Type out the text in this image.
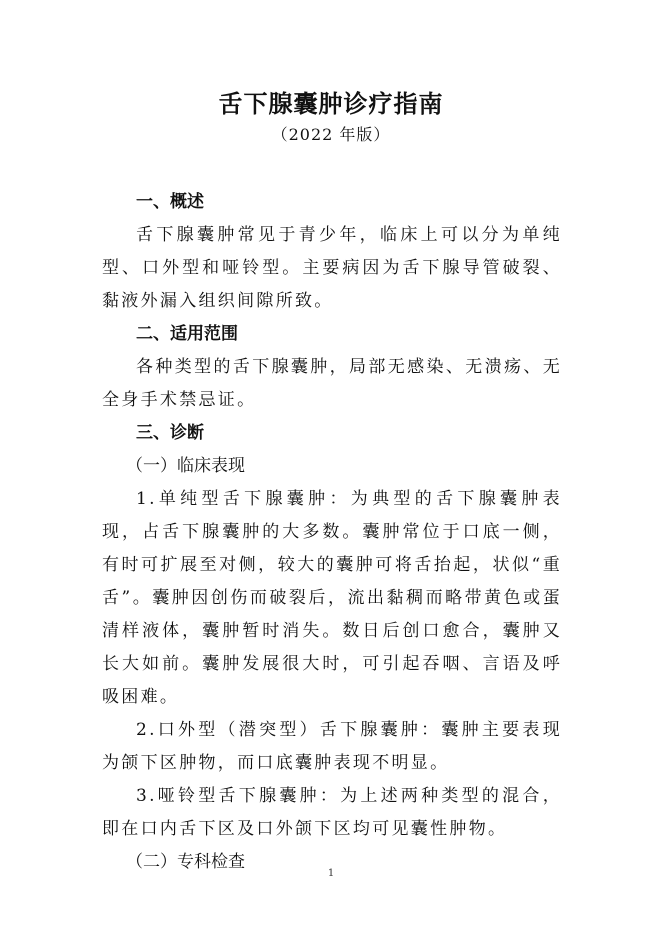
舌下腺囊肿诊疗指南
（2022 年版）

一、概述

舌下腺囊肿常见于青少年，临床上可以分为单纯型、口外型和哑铃型。主要病因为舌下腺导管破裂、黏液外漏入组织间隙所致。

二、适用范围

各种类型的舌下腺囊肿，局部无感染、无溃疡、无全身手术禁忌证。

三、诊断

（一）临床表现

1.单纯型舌下腺囊肿：为典型的舌下腺囊肿表现，占舌下腺囊肿的大多数。囊肿常位于口底一侧，有时可扩展至对侧，较大的囊肿可将舌抬起，状似“重舌”。囊肿因创伤而破裂后，流出黏稠而略带黄色或蛋清样液体，囊肿暂时消失。数日后创口愈合，囊肿又长大如前。囊肿发展很大时，可引起吞咽、言语及呼吸困难。

2.口外型（潜突型）舌下腺囊肿：囊肿主要表现为颌下区肿物，而口底囊肿表现不明显。

3.哑铃型舌下腺囊肿：为上述两种类型的混合，即在口内舌下区及口外颌下区均可见囊性肿物。

（二）专科检查

1
